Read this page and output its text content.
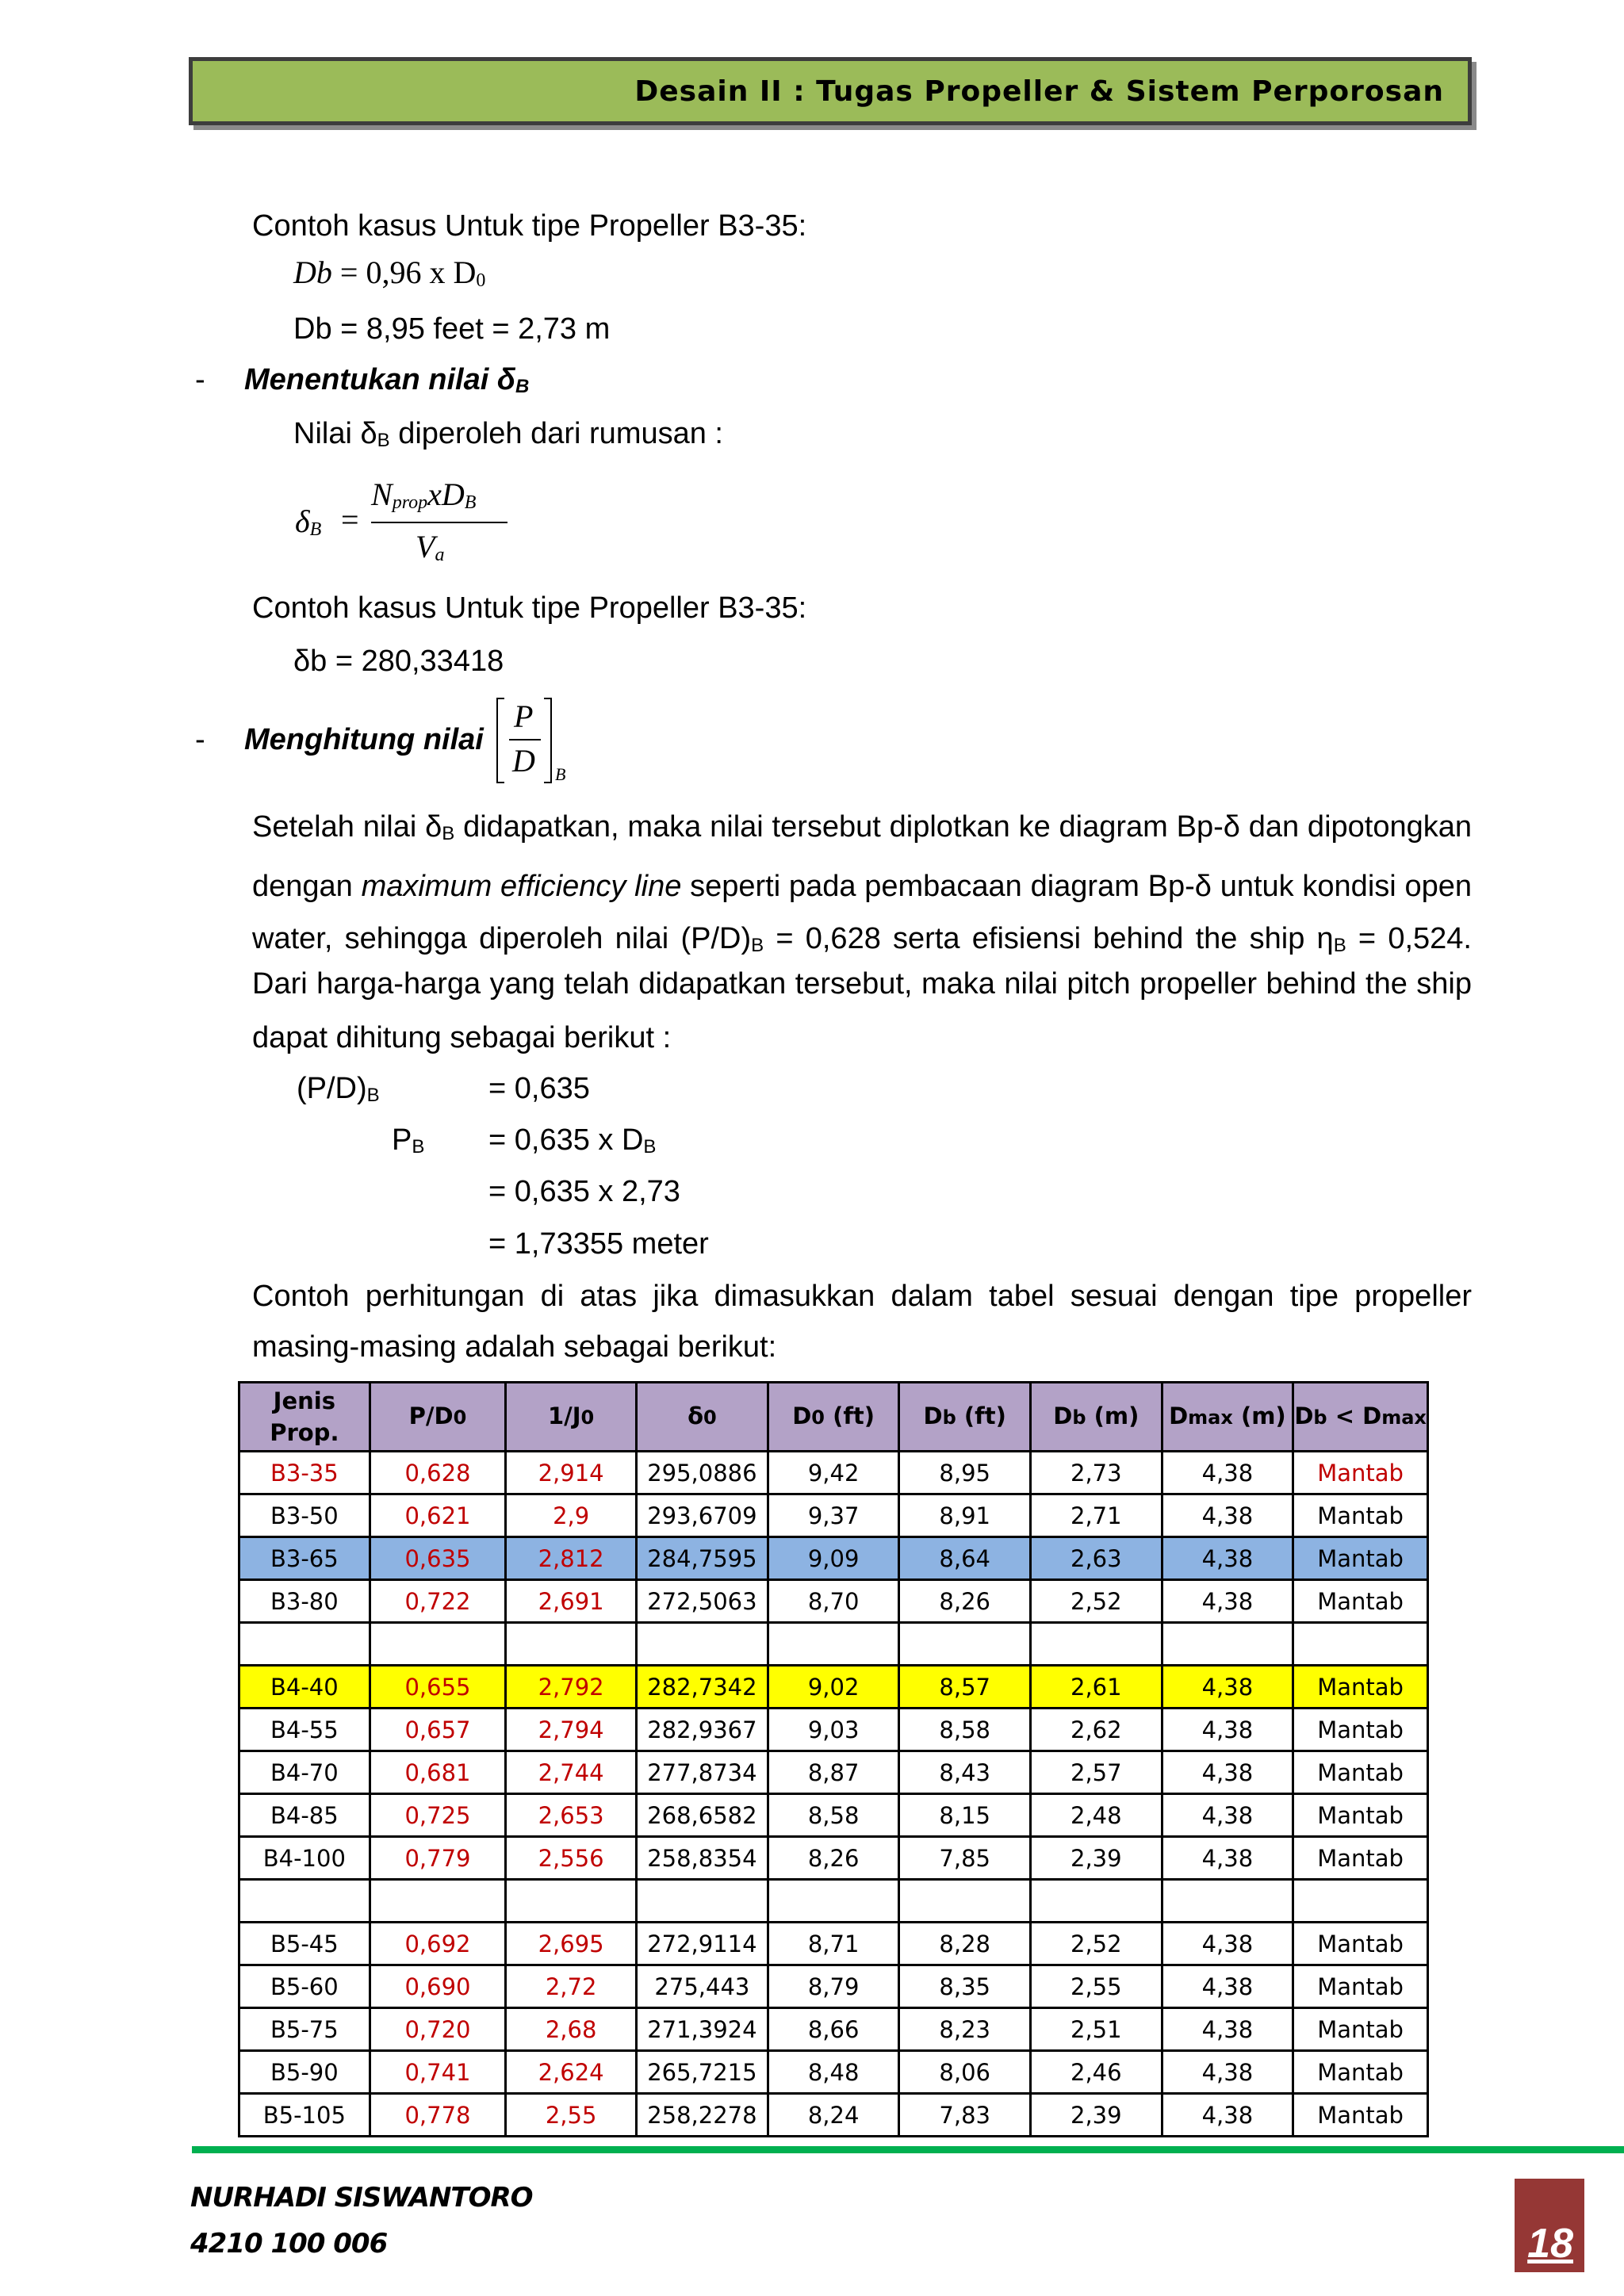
Desain II : Tugas Propeller & Sistem Perporosan
Contoh kasus Untuk tipe Propeller B3-35:
Db = 0,96 x D0
Db = 8,95 feet = 2,73 m
- Menentukan nilai δB
Nilai δB diperoleh dari rumusan :
δB =
NpropxDB
Va
Contoh kasus Untuk tipe Propeller B3-35:
δb = 280,33418
- Menghitung nilai
P
D B
Setelah nilai δB didapatkan, maka nilai tersebut diplotkan ke diagram Bp-δ dan dipotongkan
dengan maximum efficiency line seperti pada pembacaan diagram Bp-δ untuk kondisi open
water, sehingga diperoleh nilai (P/D)B = 0,628 serta efisiensi behind the ship ηB = 0,524.
Dari harga-harga yang telah didapatkan tersebut, maka nilai pitch propeller behind the ship
dapat dihitung sebagai berikut :
(P/D)B	= 0,635
PB = 0,635 x DB
= 0,635 x 2,73
= 1,73355 meter
Contoh perhitungan di atas jika dimasukkan dalam tabel sesuai dengan tipe propeller
masing-masing adalah sebagai berikut:
Jenis
Prop.	P/D0	1/J0	δ0	D0 (ft)	Db (ft)	Db (m)	Dmax (m)	Db < Dmax
B3-35	0,628	2,914	295,0886	9,42	8,95	2,73	4,38	Mantab
B3-50	0,621	2,9	293,6709	9,37	8,91	2,71	4,38	Mantab
B3-65	0,635	2,812	284,7595	9,09	8,64	2,63	4,38	Mantab
B3-80	0,722	2,691	272,5063	8,70	8,26	2,52	4,38	Mantab

B4-40	0,655	2,792	282,7342	9,02	8,57	2,61	4,38	Mantab
B4-55	0,657	2,794	282,9367	9,03	8,58	2,62	4,38	Mantab
B4-70	0,681	2,744	277,8734	8,87	8,43	2,57	4,38	Mantab
B4-85	0,725	2,653	268,6582	8,58	8,15	2,48	4,38	Mantab
B4-100	0,779	2,556	258,8354	8,26	7,85	2,39	4,38	Mantab

B5-45	0,692	2,695	272,9114	8,71	8,28	2,52	4,38	Mantab
B5-60	0,690	2,72	275,443	8,79	8,35	2,55	4,38	Mantab
B5-75	0,720	2,68	271,3924	8,66	8,23	2,51	4,38	Mantab
B5-90	0,741	2,624	265,7215	8,48	8,06	2,46	4,38	Mantab
B5-105	0,778	2,55	258,2278	8,24	7,83	2,39	4,38	Mantab
NURHADI SISWANTORO
4210 100 006	18
